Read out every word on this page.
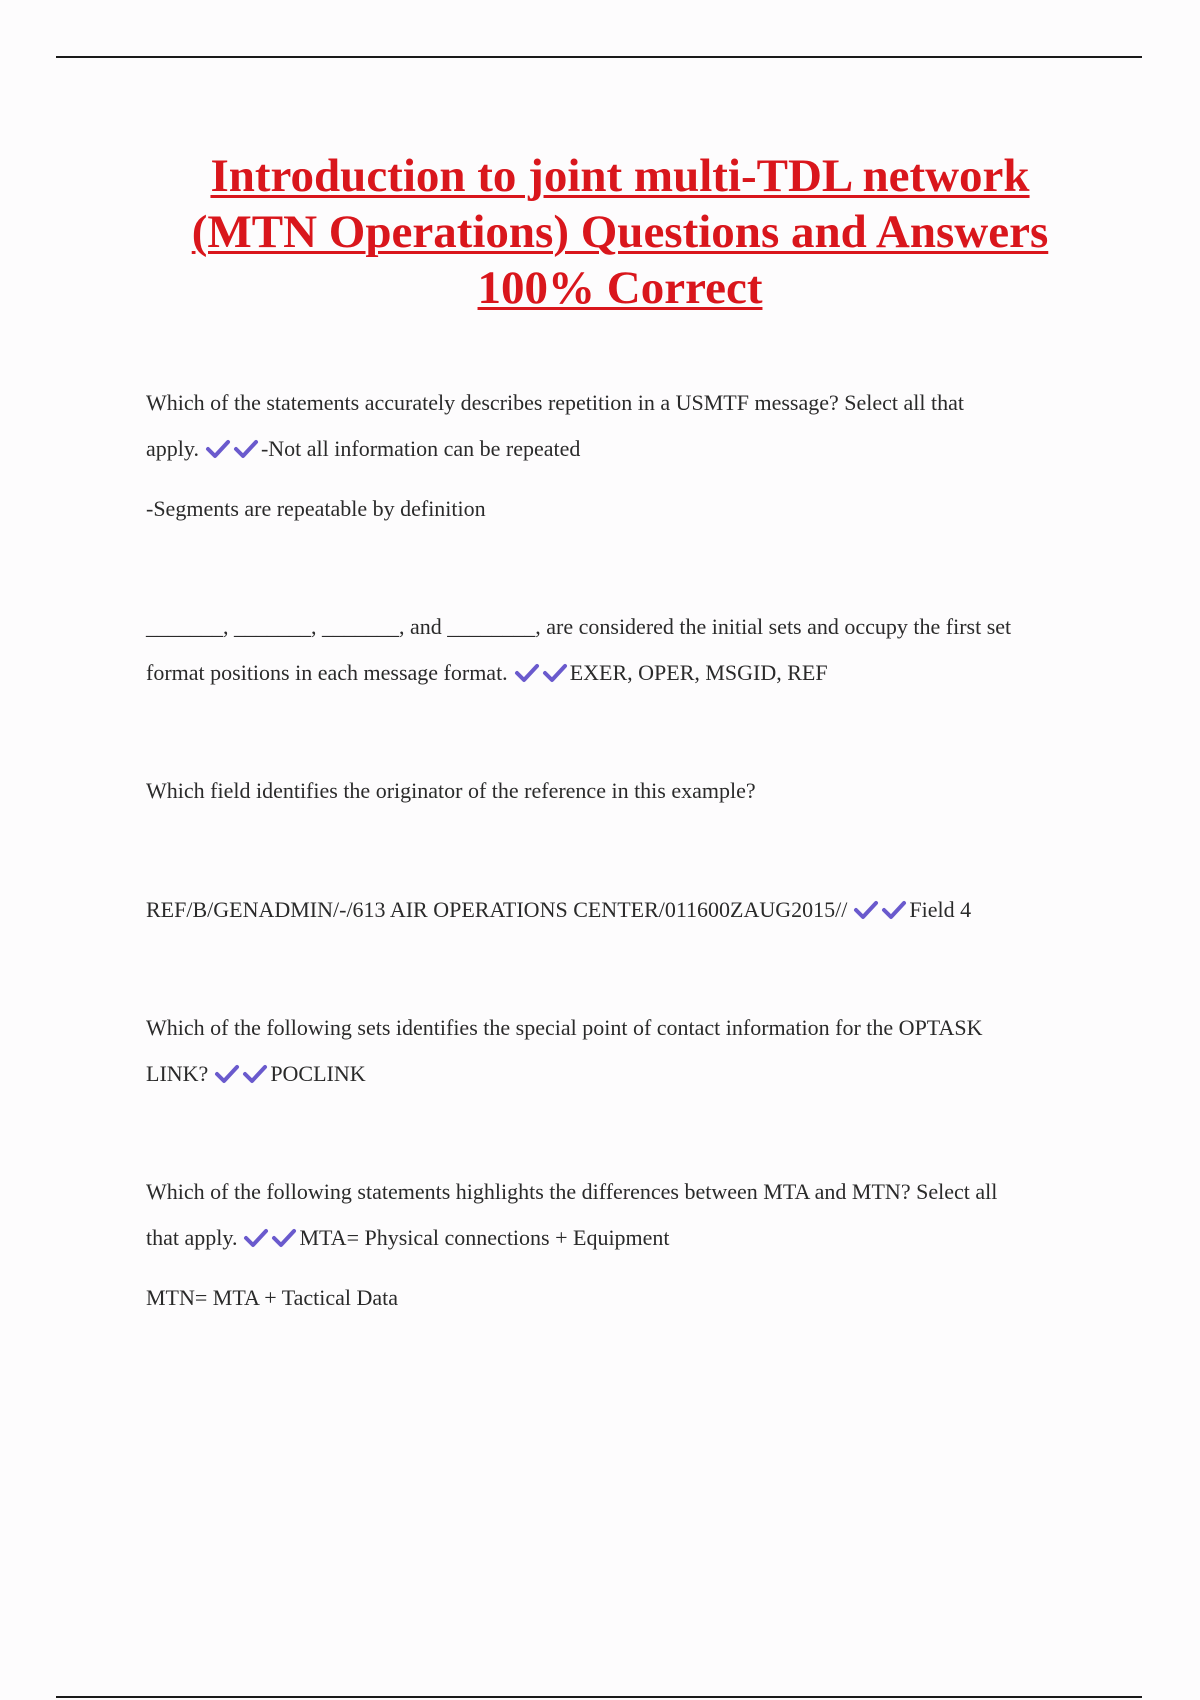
Introduction to joint multi-TDL network
(MTN Operations) Questions and Answers
100% Correct
Which of the statements accurately describes repetition in a USMTF message? Select all that
apply.	-Not all information can be repeated
-Segments are repeatable by definition
_______, _______, _______, and ________, are considered the initial sets and occupy the first set
format positions in each message format.	EXER, OPER, MSGID, REF
Which field identifies the originator of the reference in this example?
REF/B/GENADMIN/-/613 AIR OPERATIONS CENTER/011600ZAUG2015//	Field 4
Which of the following sets identifies the special point of contact information for the OPTASK
LINK?	POCLINK
Which of the following statements highlights the differences between MTA and MTN? Select all
that apply.	MTA= Physical connections + Equipment
MTN= MTA + Tactical Data
